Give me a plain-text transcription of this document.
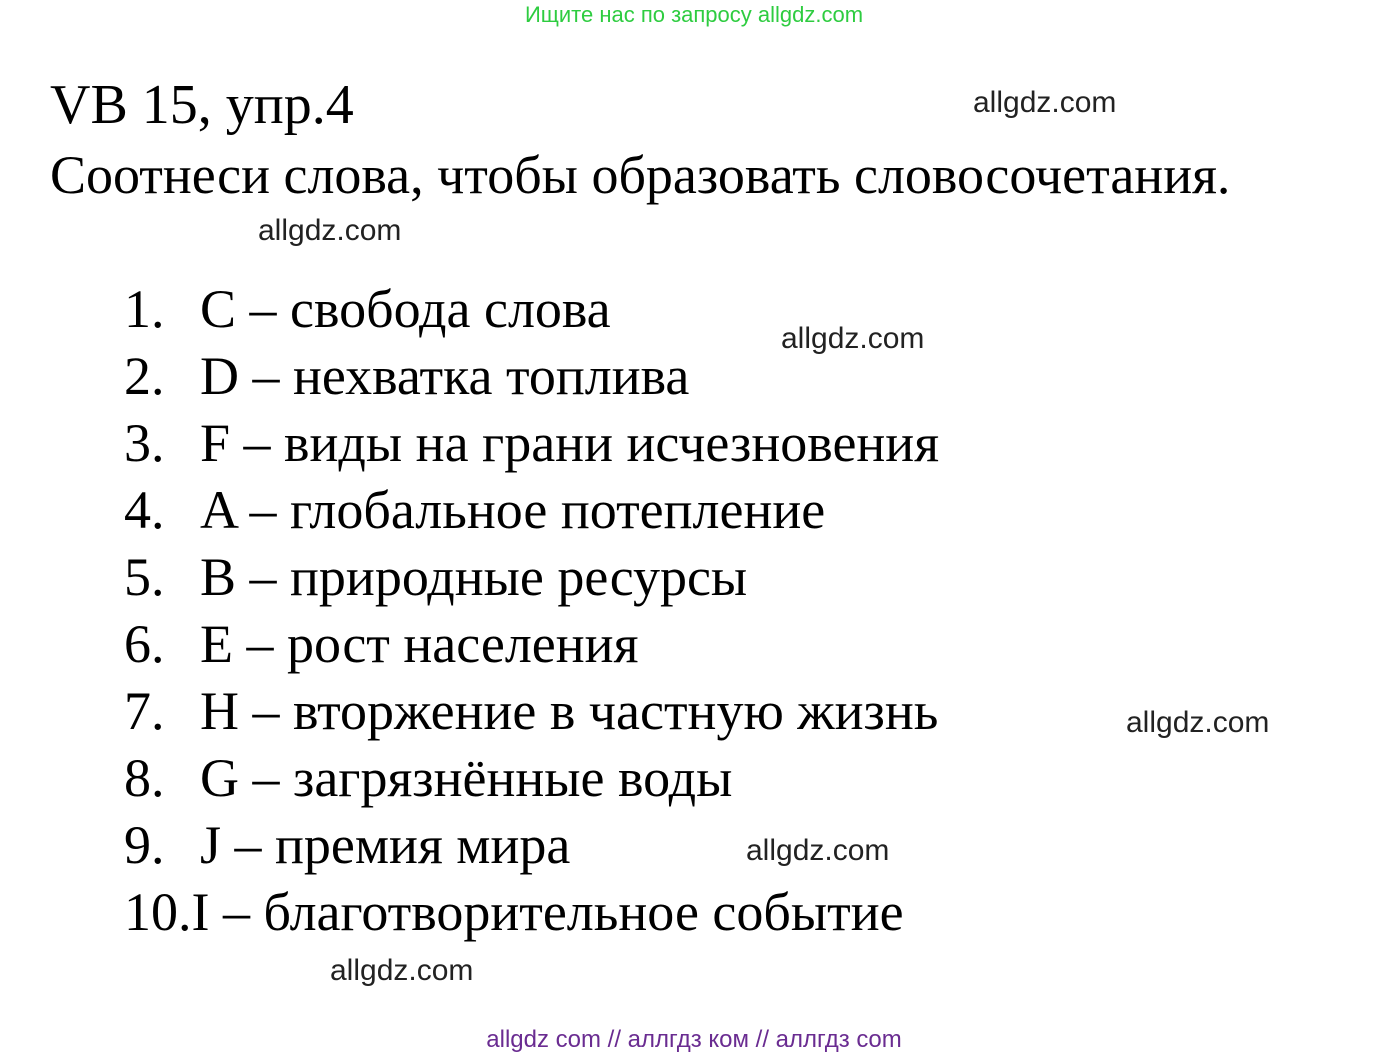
Ищите нас по запросу allgdz.com
VB 15, упр.4
Соотнеси слова, чтобы образовать словосочетания.
1. C – свобода слова
2. D – нехватка топлива
3. F – виды на грани исчезновения
4. A – глобальное потепление
5. B – природные ресурсы
6. E – рост населения
7. H – вторжение в частную жизнь
8. G – загрязнённые воды
9. J – премия мира
10. I – благотворительное событие
allgdz.com
allgdz.com
allgdz.com
allgdz.com
allgdz.com
allgdz.com
allgdz com // аллгдз ком // аллгдз com
